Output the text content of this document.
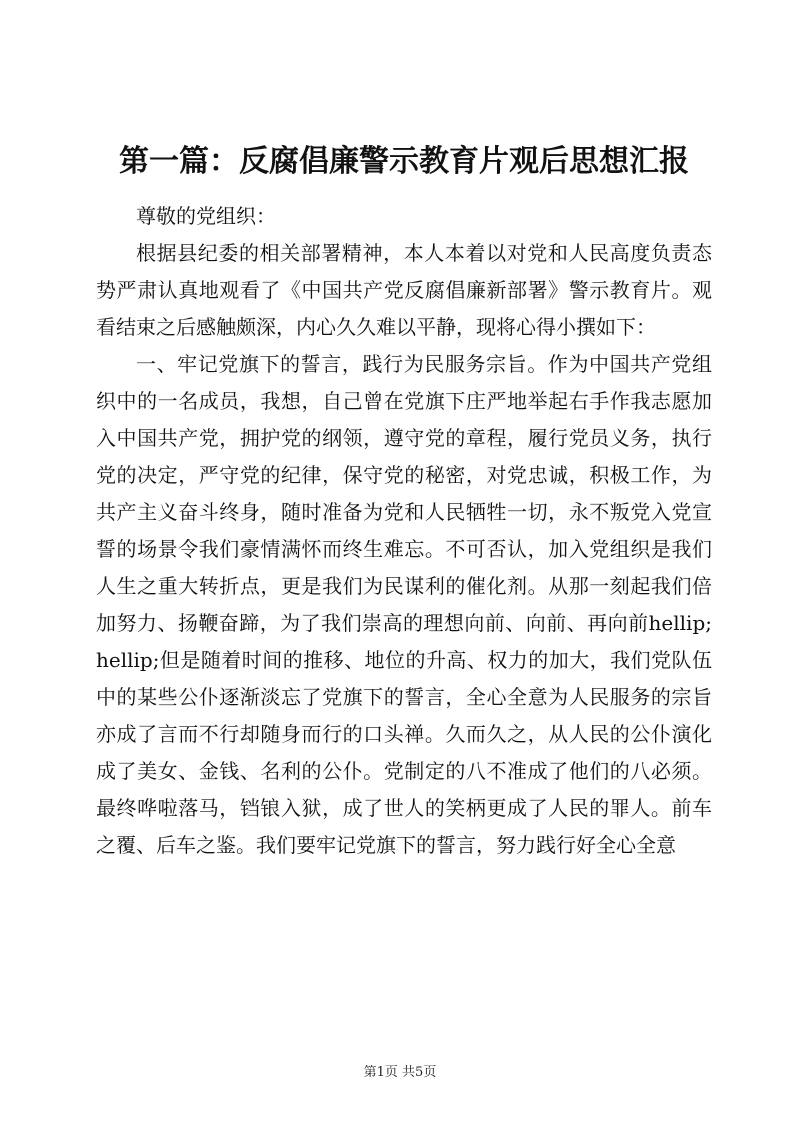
第一篇：反腐倡廉警示教育片观后思想汇报

尊敬的党组织：

根据县纪委的相关部署精神，本人本着以对党和人民高度负责态势严肃认真地观看了《中国共产党反腐倡廉新部署》警示教育片。观看结束之后感触颇深，内心久久难以平静，现将心得小撰如下：

一、牢记党旗下的誓言，践行为民服务宗旨。作为中国共产党组织中的一名成员，我想，自己曾在党旗下庄严地举起右手作我志愿加入中国共产党，拥护党的纲领，遵守党的章程，履行党员义务，执行党的决定，严守党的纪律，保守党的秘密，对党忠诚，积极工作，为共产主义奋斗终身，随时准备为党和人民牺牲一切，永不叛党入党宣誓的场景令我们豪情满怀而终生难忘。不可否认，加入党组织是我们人生之重大转折点，更是我们为民谋利的催化剂。从那一刻起我们倍加努力、扬鞭奋蹄，为了我们崇高的理想向前、向前、再向前hellip;hellip;但是随着时间的推移、地位的升高、权力的加大，我们党队伍中的某些公仆逐渐淡忘了党旗下的誓言，全心全意为人民服务的宗旨亦成了言而不行却随身而行的口头禅。久而久之，从人民的公仆演化成了美女、金钱、名利的公仆。党制定的八不准成了他们的八必须。最终哗啦落马，铛锒入狱，成了世人的笑柄更成了人民的罪人。前车之覆、后车之鉴。我们要牢记党旗下的誓言，努力践行好全心全意

第1页 共5页
